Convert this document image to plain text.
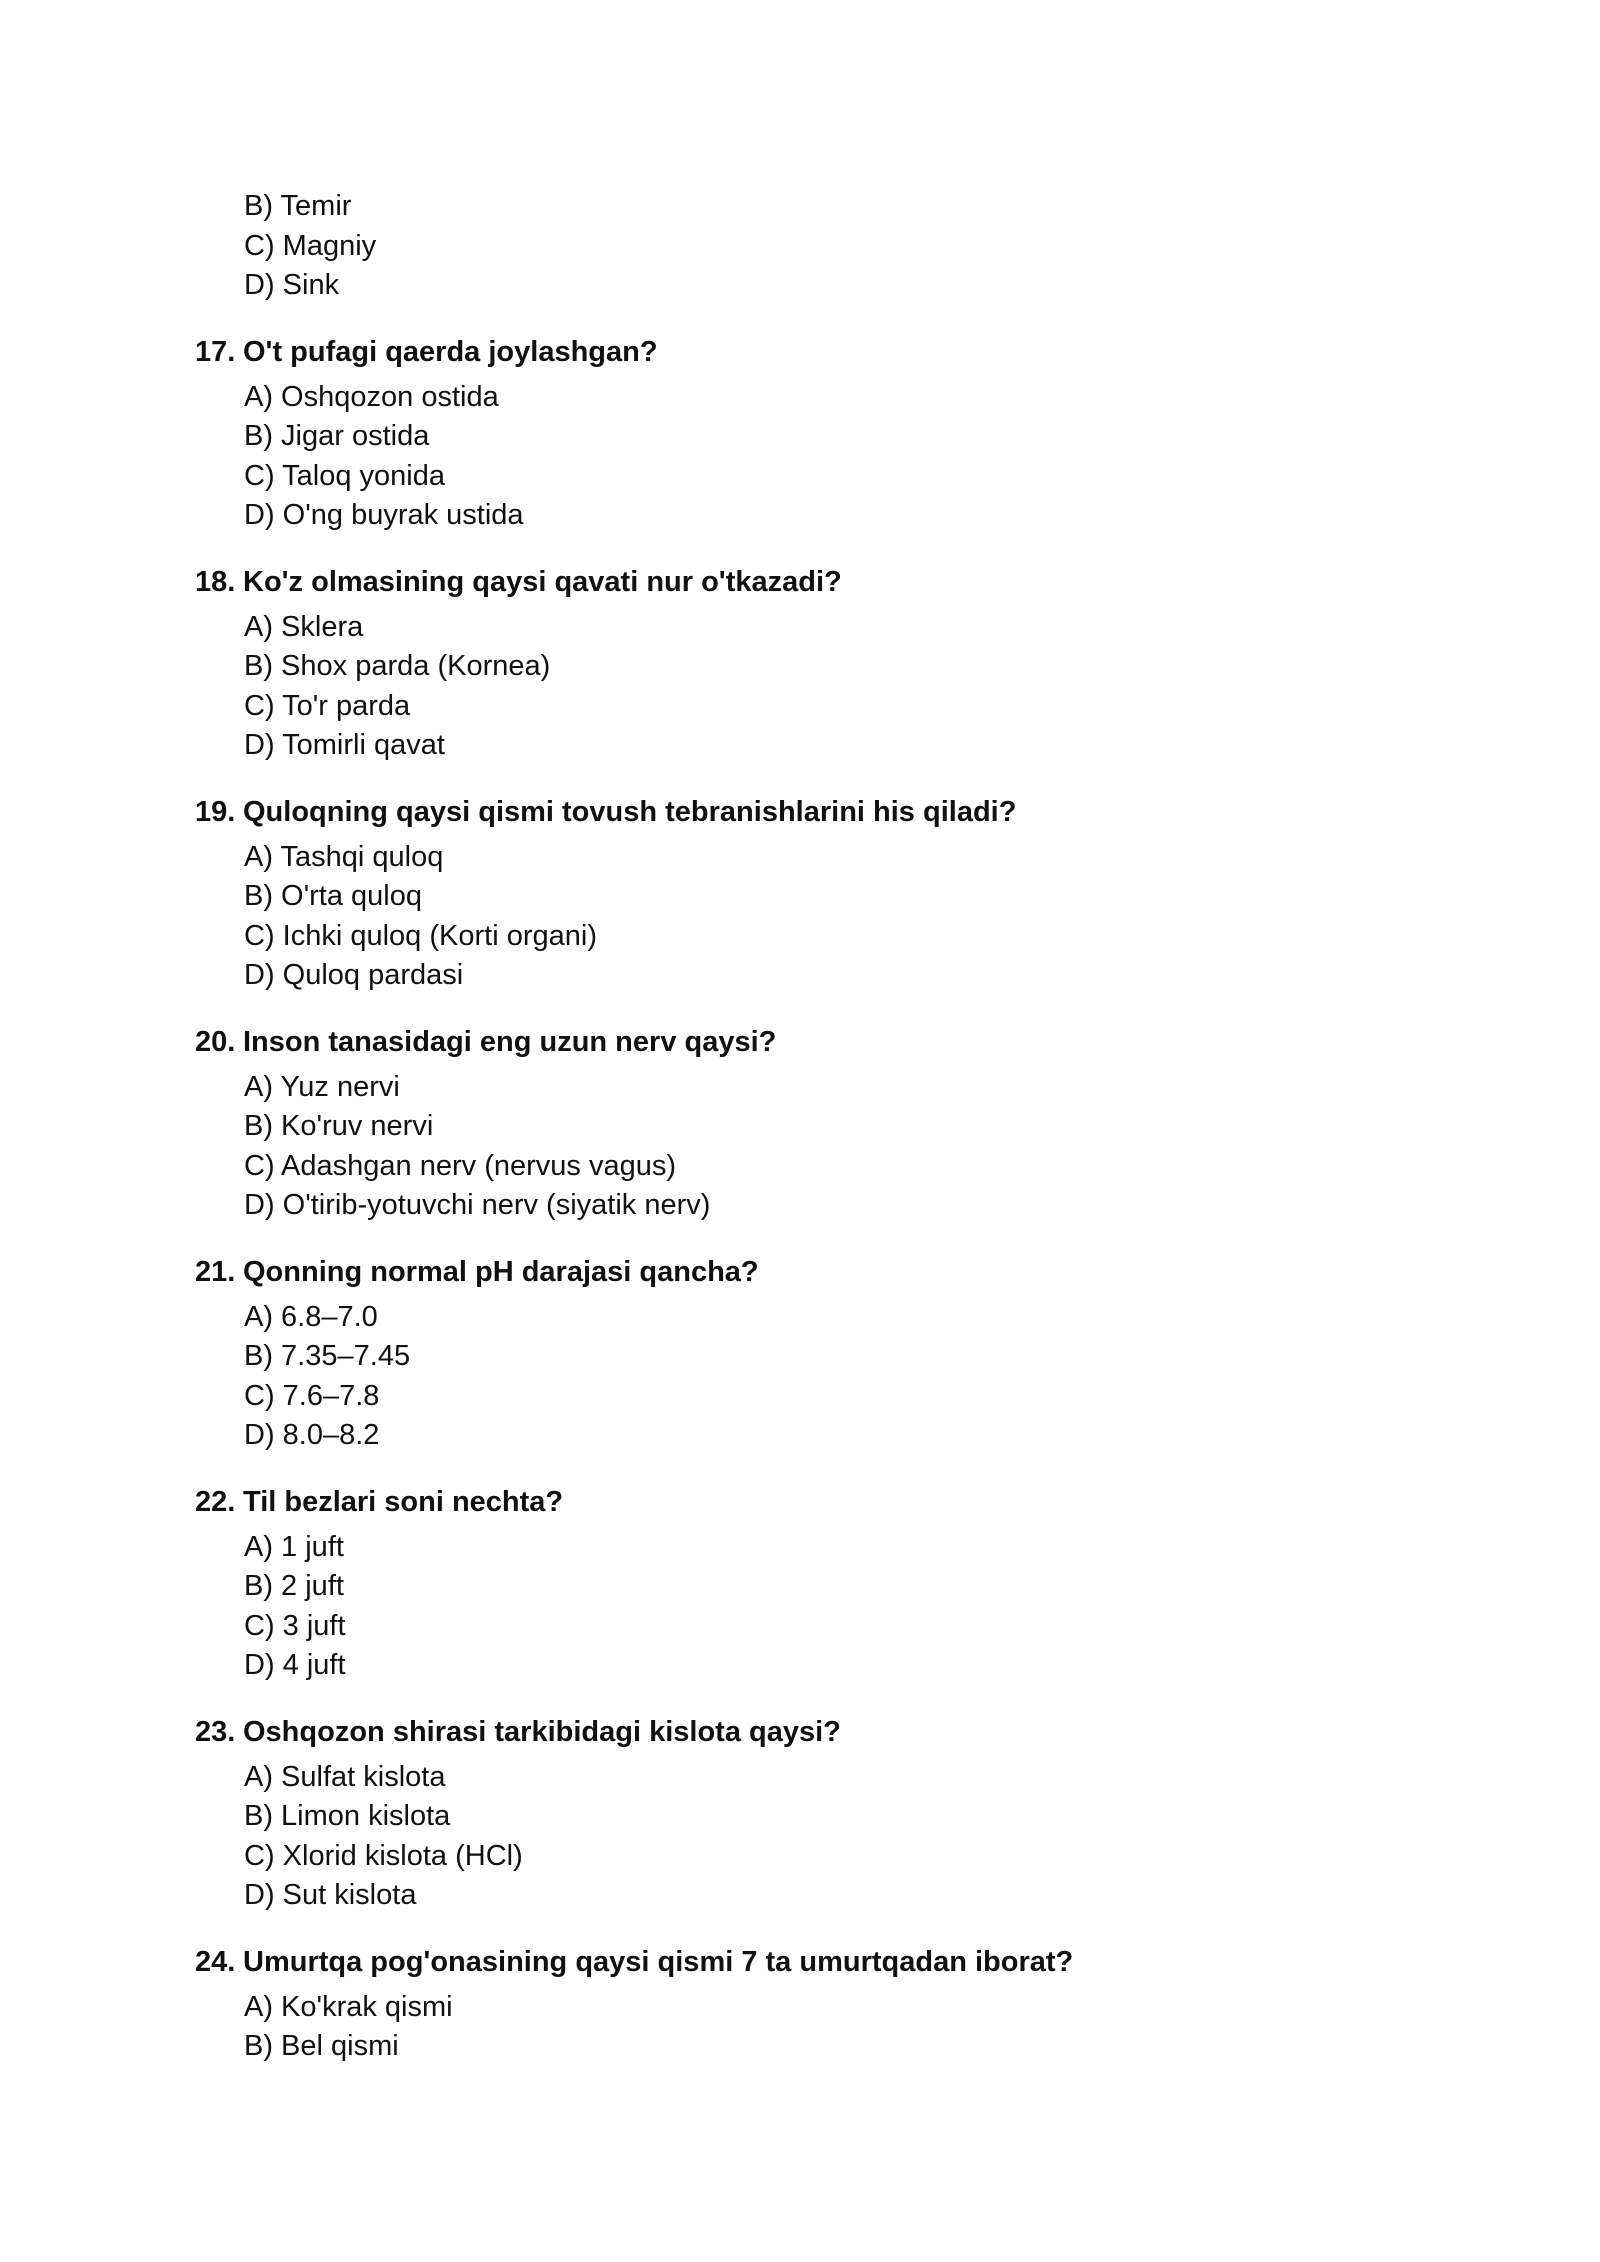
B) Temir
C) Magniy
D) Sink
17. O't pufagi qaerda joylashgan?
A) Oshqozon ostida
B) Jigar ostida
C) Taloq yonida
D) O'ng buyrak ustida
18. Ko'z olmasining qaysi qavati nur o'tkazadi?
A) Sklera
B) Shox parda (Kornea)
C) To'r parda
D) Tomirli qavat
19. Quloqning qaysi qismi tovush tebranishlarini his qiladi?
A) Tashqi quloq
B) O'rta quloq
C) Ichki quloq (Korti organi)
D) Quloq pardasi
20. Inson tanasidagi eng uzun nerv qaysi?
A) Yuz nervi
B) Ko'ruv nervi
C) Adashgan nerv (nervus vagus)
D) O'tirib-yotuvchi nerv (siyatik nerv)
21. Qonning normal pH darajasi qancha?
A) 6.8–7.0
B) 7.35–7.45
C) 7.6–7.8
D) 8.0–8.2
22. Til bezlari soni nechta?
A) 1 juft
B) 2 juft
C) 3 juft
D) 4 juft
23. Oshqozon shirasi tarkibidagi kislota qaysi?
A) Sulfat kislota
B) Limon kislota
C) Xlorid kislota (HCl)
D) Sut kislota
24. Umurtqa pog'onasining qaysi qismi 7 ta umurtqadan iborat?
A) Ko'krak qismi
B) Bel qismi
